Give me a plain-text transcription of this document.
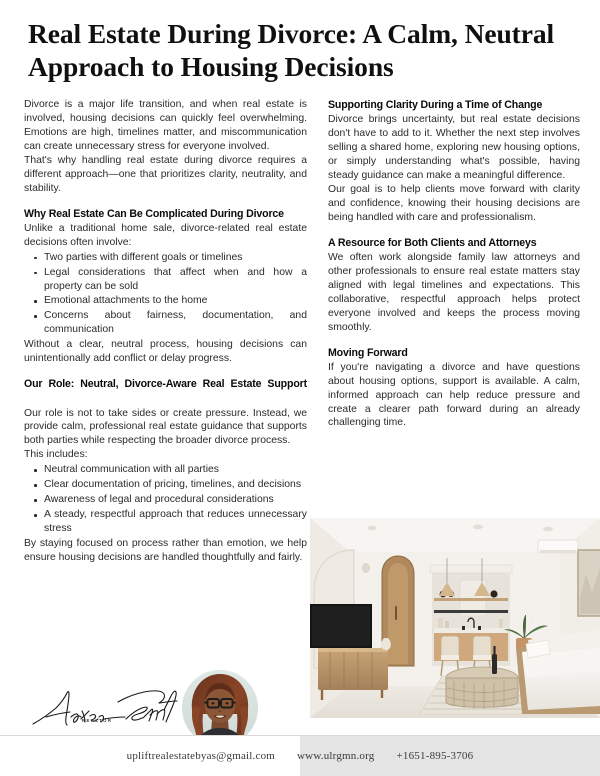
Real Estate During Divorce: A Calm, Neutral Approach to Housing Decisions

Divorce is a major life transition, and when real estate is involved, housing decisions can quickly feel overwhelming. Emotions are high, timelines matter, and miscommunication can create unnecessary stress for everyone involved.

That's why handling real estate during divorce requires a different approach—one that prioritizes clarity, neutrality, and stability.

Why Real Estate Can Be Complicated During Divorce

Unlike a traditional home sale, divorce-related real estate decisions often involve:

Two parties with different goals or timelines
Legal considerations that affect when and how a property can be sold
Emotional attachments to the home
Concerns about fairness, documentation, and communication

Without a clear, neutral process, housing decisions can unintentionally add conflict or delay progress.

Our Role: Neutral, Divorce-Aware Real Estate Support

Our role is not to take sides or create pressure. Instead, we provide calm, professional real estate guidance that supports both parties while respecting the broader divorce process.

This includes:

Neutral communication with all parties
Clear documentation of pricing, timelines, and decisions
Awareness of legal and procedural considerations
A steady, respectful approach that reduces unnecessary stress

By staying focused on process rather than emotion, we help ensure housing decisions are handled thoughtfully and fairly.

Supporting Clarity During a Time of Change

Divorce brings uncertainty, but real estate decisions don't have to add to it. Whether the next step involves selling a shared home, exploring new housing options, or simply understanding what's possible, having steady guidance can make a meaningful difference.

Our goal is to help clients move forward with clarity and confidence, knowing their housing decisions are being handled with care and professionalism.

A Resource for Both Clients and Attorneys

We often work alongside family law attorneys and other professionals to ensure real estate matters stay aligned with legal timelines and expectations. This collaborative, respectful approach helps protect everyone involved and keeps the process moving smoothly.

Moving Forward

If you're navigating a divorce and have questions about housing options, support is available. A calm, informed approach can help reduce pressure and create a clearer path forward during an already challenging time.

REALTOR
upliftrealestatebyas@gmail.com www.ulrgmn.org +1651-895-3706
